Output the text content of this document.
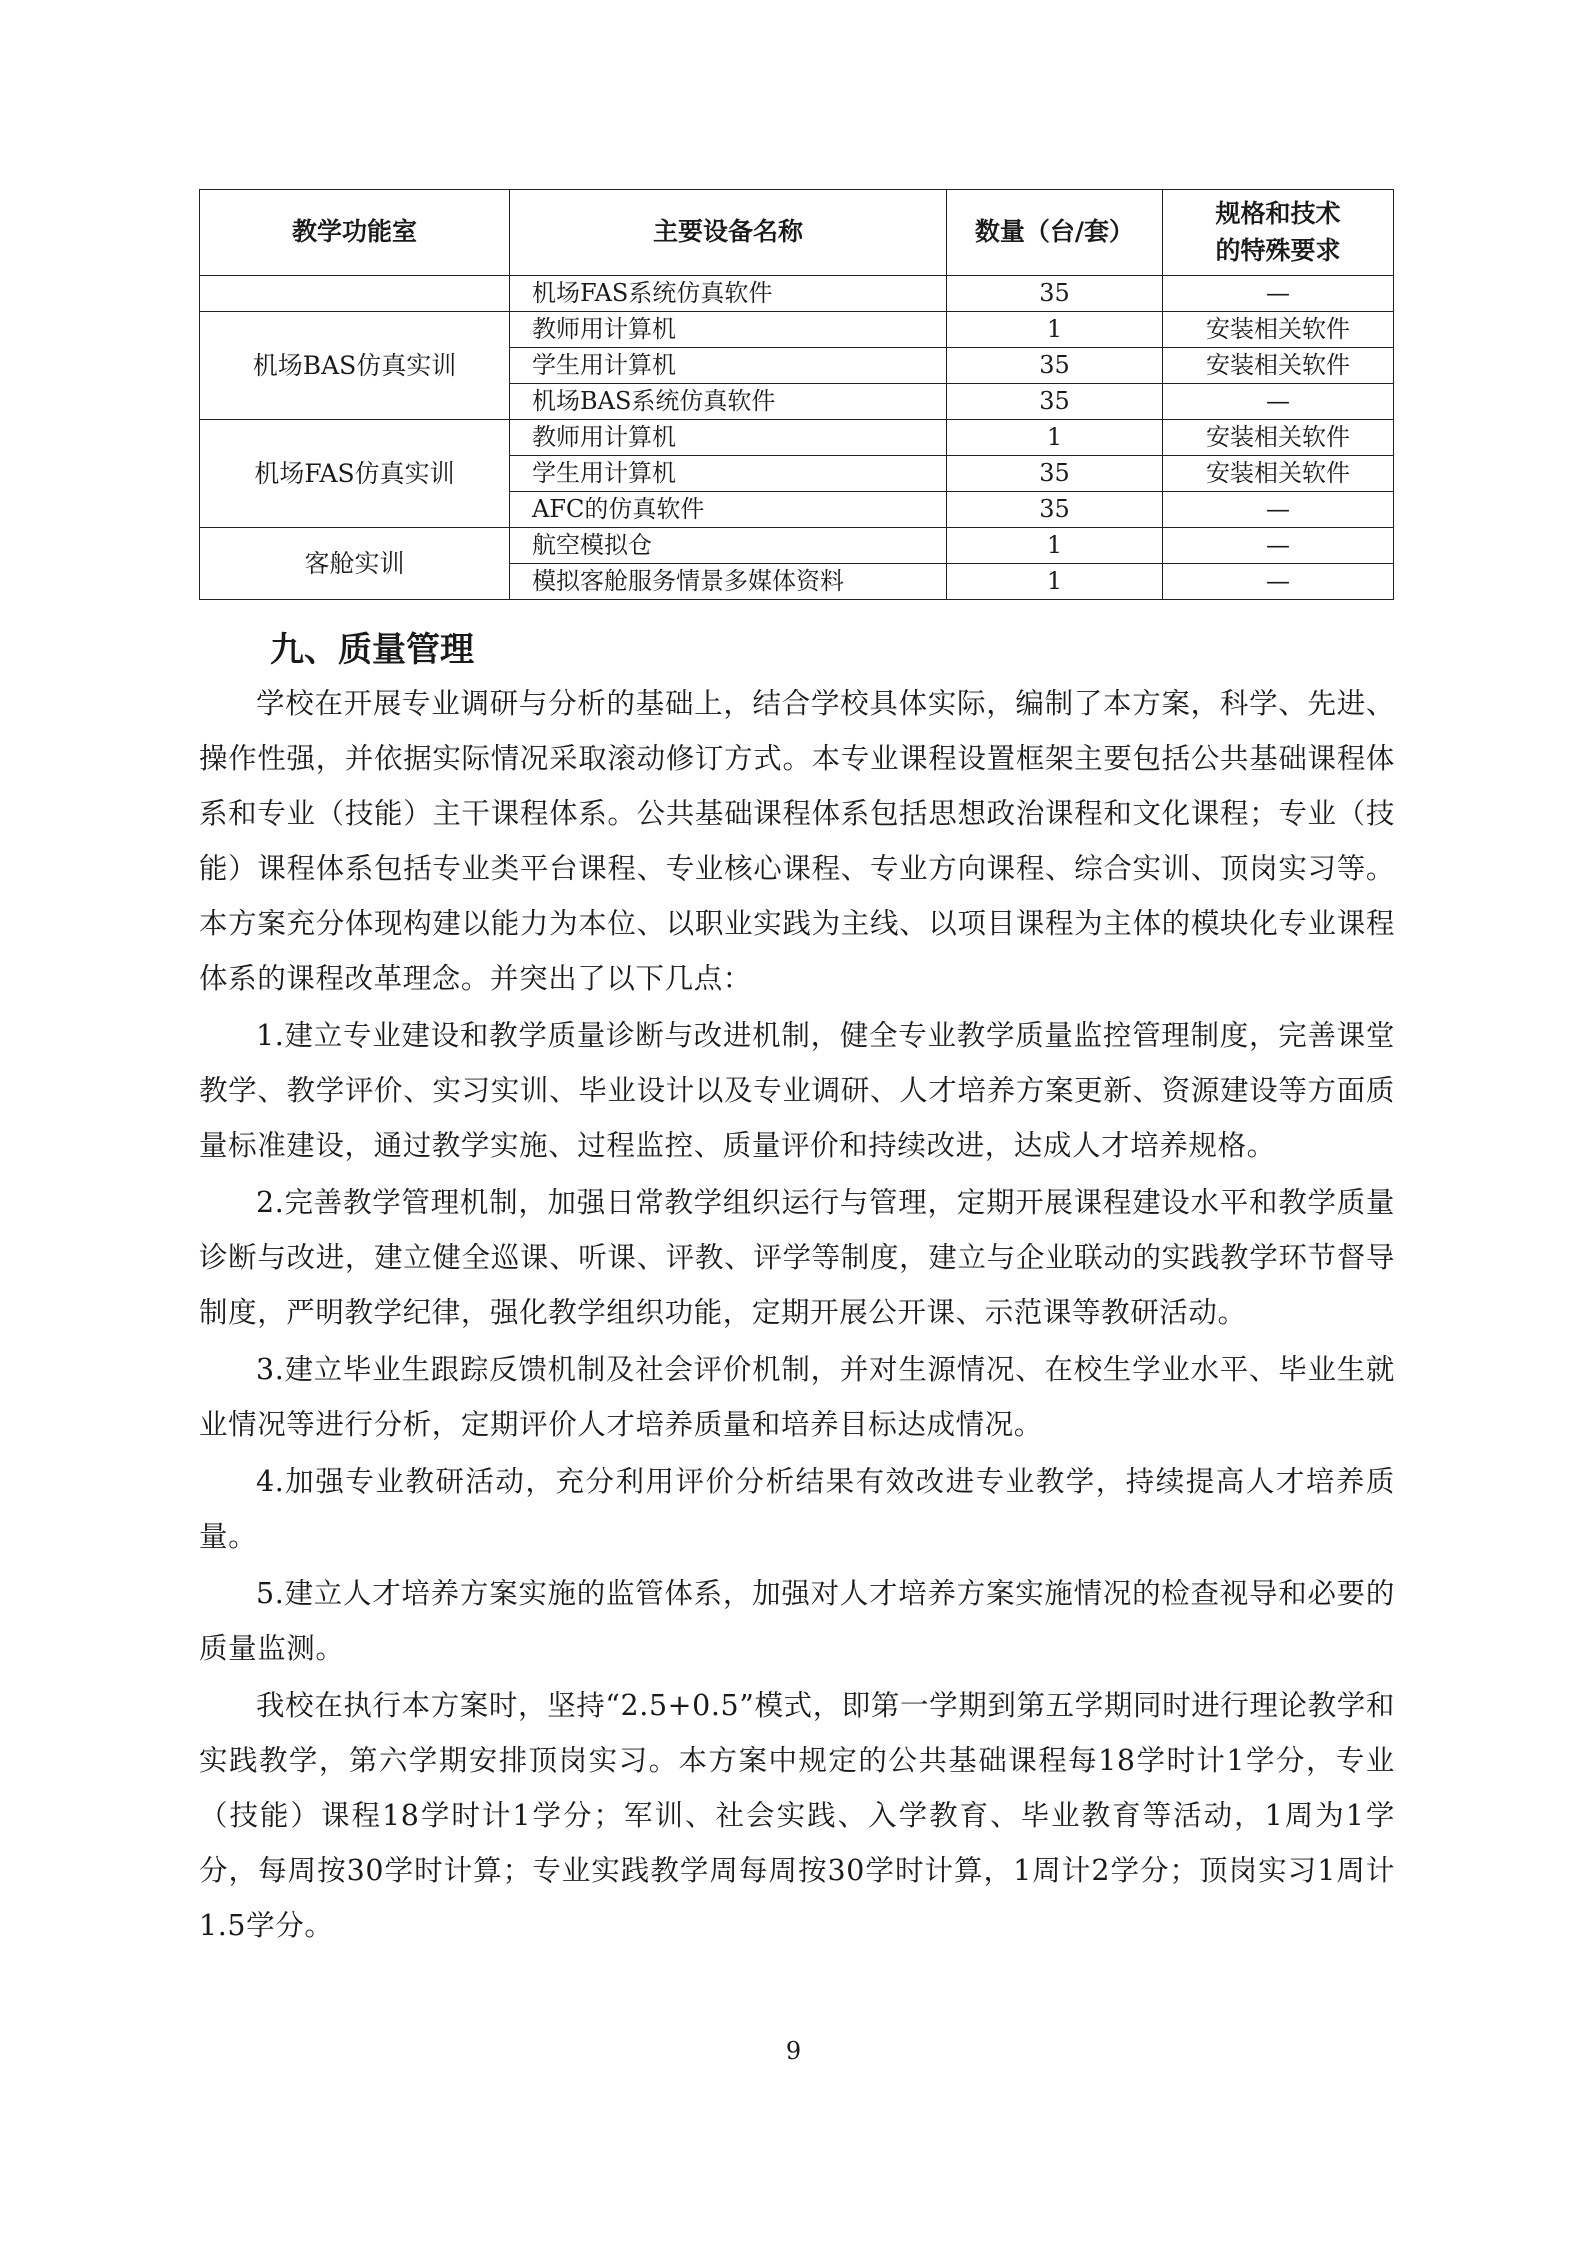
教学功能室	主要设备名称	数量（台/套）	规格和技术
的特殊要求
	机场FAS系统仿真软件	35	—
机场BAS仿真实训	教师用计算机	1	安装相关软件
	学生用计算机	35	安装相关软件
	机场BAS系统仿真软件	35	—
机场FAS仿真实训	教师用计算机	1	安装相关软件
	学生用计算机	35	安装相关软件
	AFC的仿真软件	35	—
客舱实训	航空模拟仓	1	—
	模拟客舱服务情景多媒体资料	1	—
九、质量管理

学校在开展专业调研与分析的基础上，结合学校具体实际，编制了本方案，科学、先进、操作性强，并依据实际情况采取滚动修订方式。本专业课程设置框架主要包括公共基础课程体系和专业（技能）主干课程体系。公共基础课程体系包括思想政治课程和文化课程；专业（技能）课程体系包括专业类平台课程、专业核心课程、专业方向课程、综合实训、顶岗实习等。本方案充分体现构建以能力为本位、以职业实践为主线、以项目课程为主体的模块化专业课程体系的课程改革理念。并突出了以下几点：

1.建立专业建设和教学质量诊断与改进机制，健全专业教学质量监控管理制度，完善课堂教学、教学评价、实习实训、毕业设计以及专业调研、人才培养方案更新、资源建设等方面质量标准建设，通过教学实施、过程监控、质量评价和持续改进，达成人才培养规格。

2.完善教学管理机制，加强日常教学组织运行与管理，定期开展课程建设水平和教学质量诊断与改进，建立健全巡课、听课、评教、评学等制度，建立与企业联动的实践教学环节督导制度，严明教学纪律，强化教学组织功能，定期开展公开课、示范课等教研活动。

3.建立毕业生跟踪反馈机制及社会评价机制，并对生源情况、在校生学业水平、毕业生就业情况等进行分析，定期评价人才培养质量和培养目标达成情况。

4.加强专业教研活动，充分利用评价分析结果有效改进专业教学，持续提高人才培养质量。

5.建立人才培养方案实施的监管体系，加强对人才培养方案实施情况的检查视导和必要的质量监测。

我校在执行本方案时，坚持“2.5+0.5”模式，即第一学期到第五学期同时进行理论教学和实践教学，第六学期安排顶岗实习。本方案中规定的公共基础课程每18学时计1学分，专业（技能）课程18学时计1学分；军训、社会实践、入学教育、毕业教育等活动，1周为1学分，每周按30学时计算；专业实践教学周每周按30学时计算，1周计2学分；顶岗实习1周计1.5学分。

9
